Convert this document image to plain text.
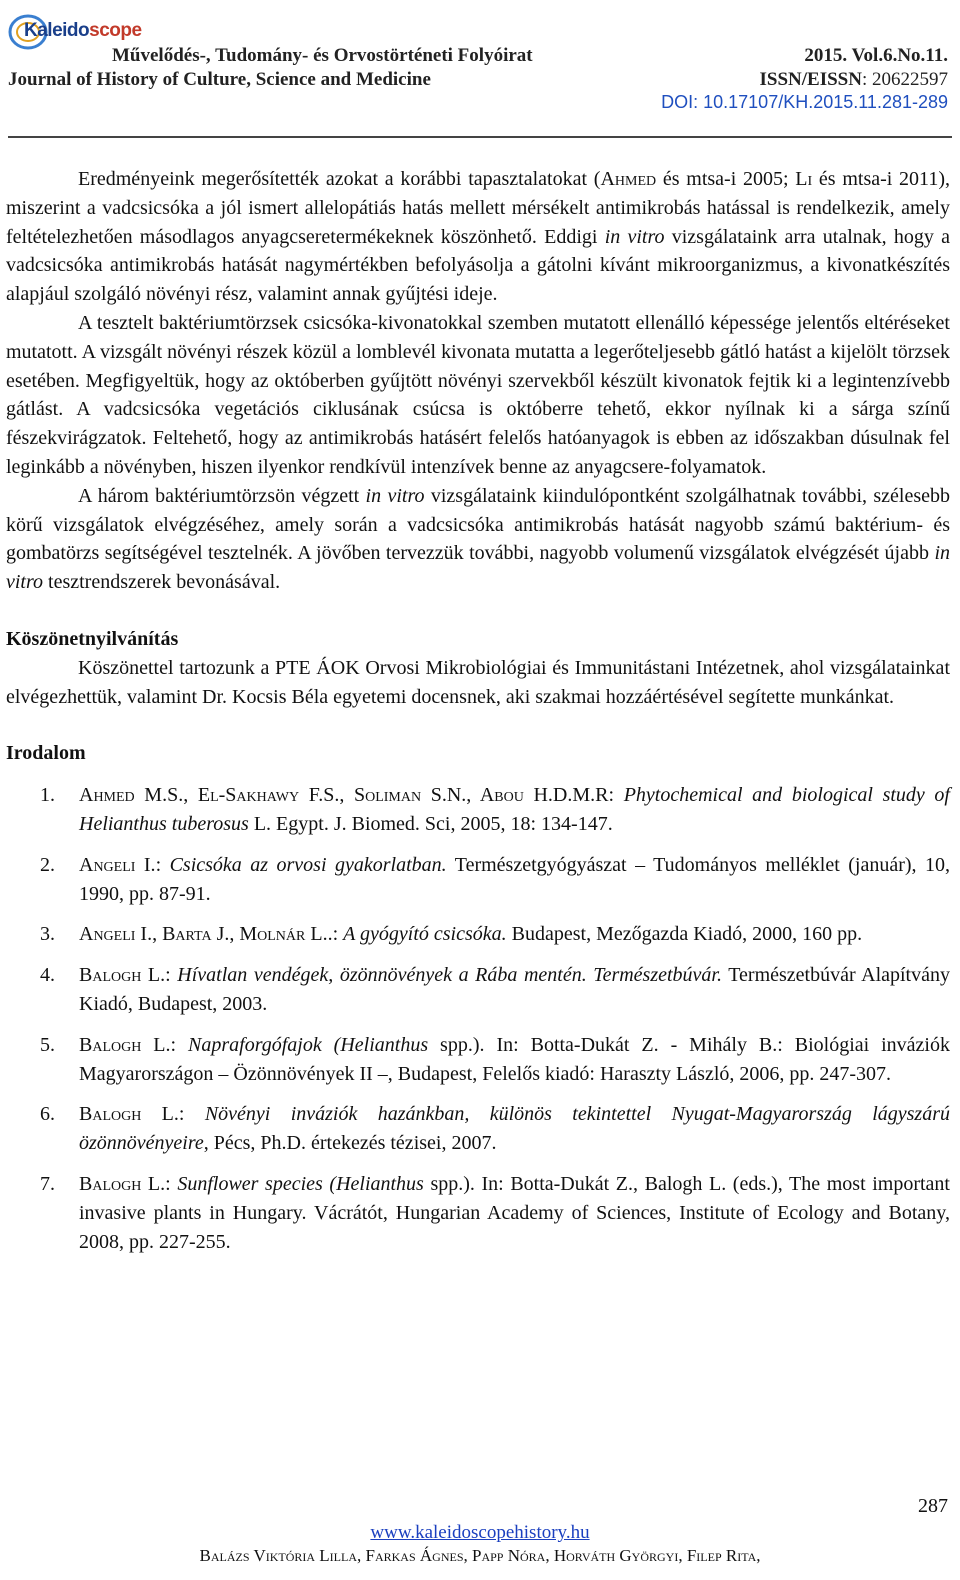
Kaleidoscope
Művelődés-, Tudomány- és Orvostörténeti Folyóirat
Journal of History of Culture, Science and Medicine
2015. Vol.6.No.11.
ISSN/EISSN: 20622597
DOI: 10.17107/KH.2015.11.281-289

Eredményeink megerősítették azokat a korábbi tapasztalatokat (Ahmed és mtsa-i 2005; Li és mtsa-i 2011), miszerint a vadcsicsóka a jól ismert allelopátiás hatás mellett mérsékelt antimikrobás hatással is rendelkezik, amely feltételezhetően másodlagos anyagcseretermékeknek köszönhető. Eddigi in vitro vizsgálataink arra utalnak, hogy a vadcsicsóka antimikrobás hatását nagymértékben befolyásolja a gátolni kívánt mikroorganizmus, a kivonatkészítés alapjául szolgáló növényi rész, valamint annak gyűjtési ideje.

A tesztelt baktériumtörzsek csicsóka-kivonatokkal szemben mutatott ellenálló képessége jelentős eltéréseket mutatott. A vizsgált növényi részek közül a lomblevél kivonata mutatta a legerőteljesebb gátló hatást a kijelölt törzsek esetében. Megfigyeltük, hogy az októberben gyűjtött növényi szervekből készült kivonatok fejtik ki a legintenzívebb gátlást. A vadcsicsóka vegetációs ciklusának csúcsa is októberre tehető, ekkor nyílnak ki a sárga színű fészekvirágzatok. Feltehető, hogy az antimikrobás hatásért felelős hatóanyagok is ebben az időszakban dúsulnak fel leginkább a növényben, hiszen ilyenkor rendkívül intenzívek benne az anyagcsere-folyamatok.

A három baktériumtörzsön végzett in vitro vizsgálataink kiindulópontként szolgálhatnak további, szélesebb körű vizsgálatok elvégzéséhez, amely során a vadcsicsóka antimikrobás hatását nagyobb számú baktérium- és gombatörzs segítségével tesztelnék. A jövőben tervezzük további, nagyobb volumenű vizsgálatok elvégzését újabb in vitro tesztrendszerek bevonásával.

Köszönetnyilvánítás

Köszönettel tartozunk a PTE ÁOK Orvosi Mikrobiológiai és Immunitástani Intézetnek, ahol vizsgálatainkat elvégezhettük, valamint Dr. Kocsis Béla egyetemi docensnek, aki szakmai hozzáértésével segítette munkánkat.

Irodalom
1. Ahmed M.S., El-Sakhawy F.S., Soliman S.N., Abou H.D.M.R: Phytochemical and biological study of Helianthus tuberosus L. Egypt. J. Biomed. Sci, 2005, 18: 134-147.
2. Angeli I.: Csicsóka az orvosi gyakorlatban. Természetgyógyászat – Tudományos melléklet (január), 10, 1990, pp. 87-91.
3. Angeli I., Barta J., Molnár L..: A gyógyító csicsóka. Budapest, Mezőgazda Kiadó, 2000, 160 pp.
4. Balogh L.: Hívatlan vendégek, özönnövények a Rába mentén. Természetbúvár. Természetbúvár Alapítvány Kiadó, Budapest, 2003.
5. Balogh L.: Napraforgófajok (Helianthus spp.). In: Botta-Dukát Z. - Mihály B.: Biológiai inváziók Magyarországon – Özönnövények II –, Budapest, Felelős kiadó: Haraszty László, 2006, pp. 247-307.
6. Balogh L.: Növényi inváziók hazánkban, különös tekintettel Nyugat-Magyarország lágyszárú özönnövényeire, Pécs, Ph.D. értekezés tézisei, 2007.
7. Balogh L.: Sunflower species (Helianthus spp.). In: Botta-Dukát Z., Balogh L. (eds.), The most important invasive plants in Hungary. Vácrátót, Hungarian Academy of Sciences, Institute of Ecology and Botany, 2008, pp. 227-255.
287
www.kaleidoscopehistory.hu
Balázs Viktória Lilla, Farkas Ágnes, Papp Nóra, Horváth Györgyi, Filep Rita,
